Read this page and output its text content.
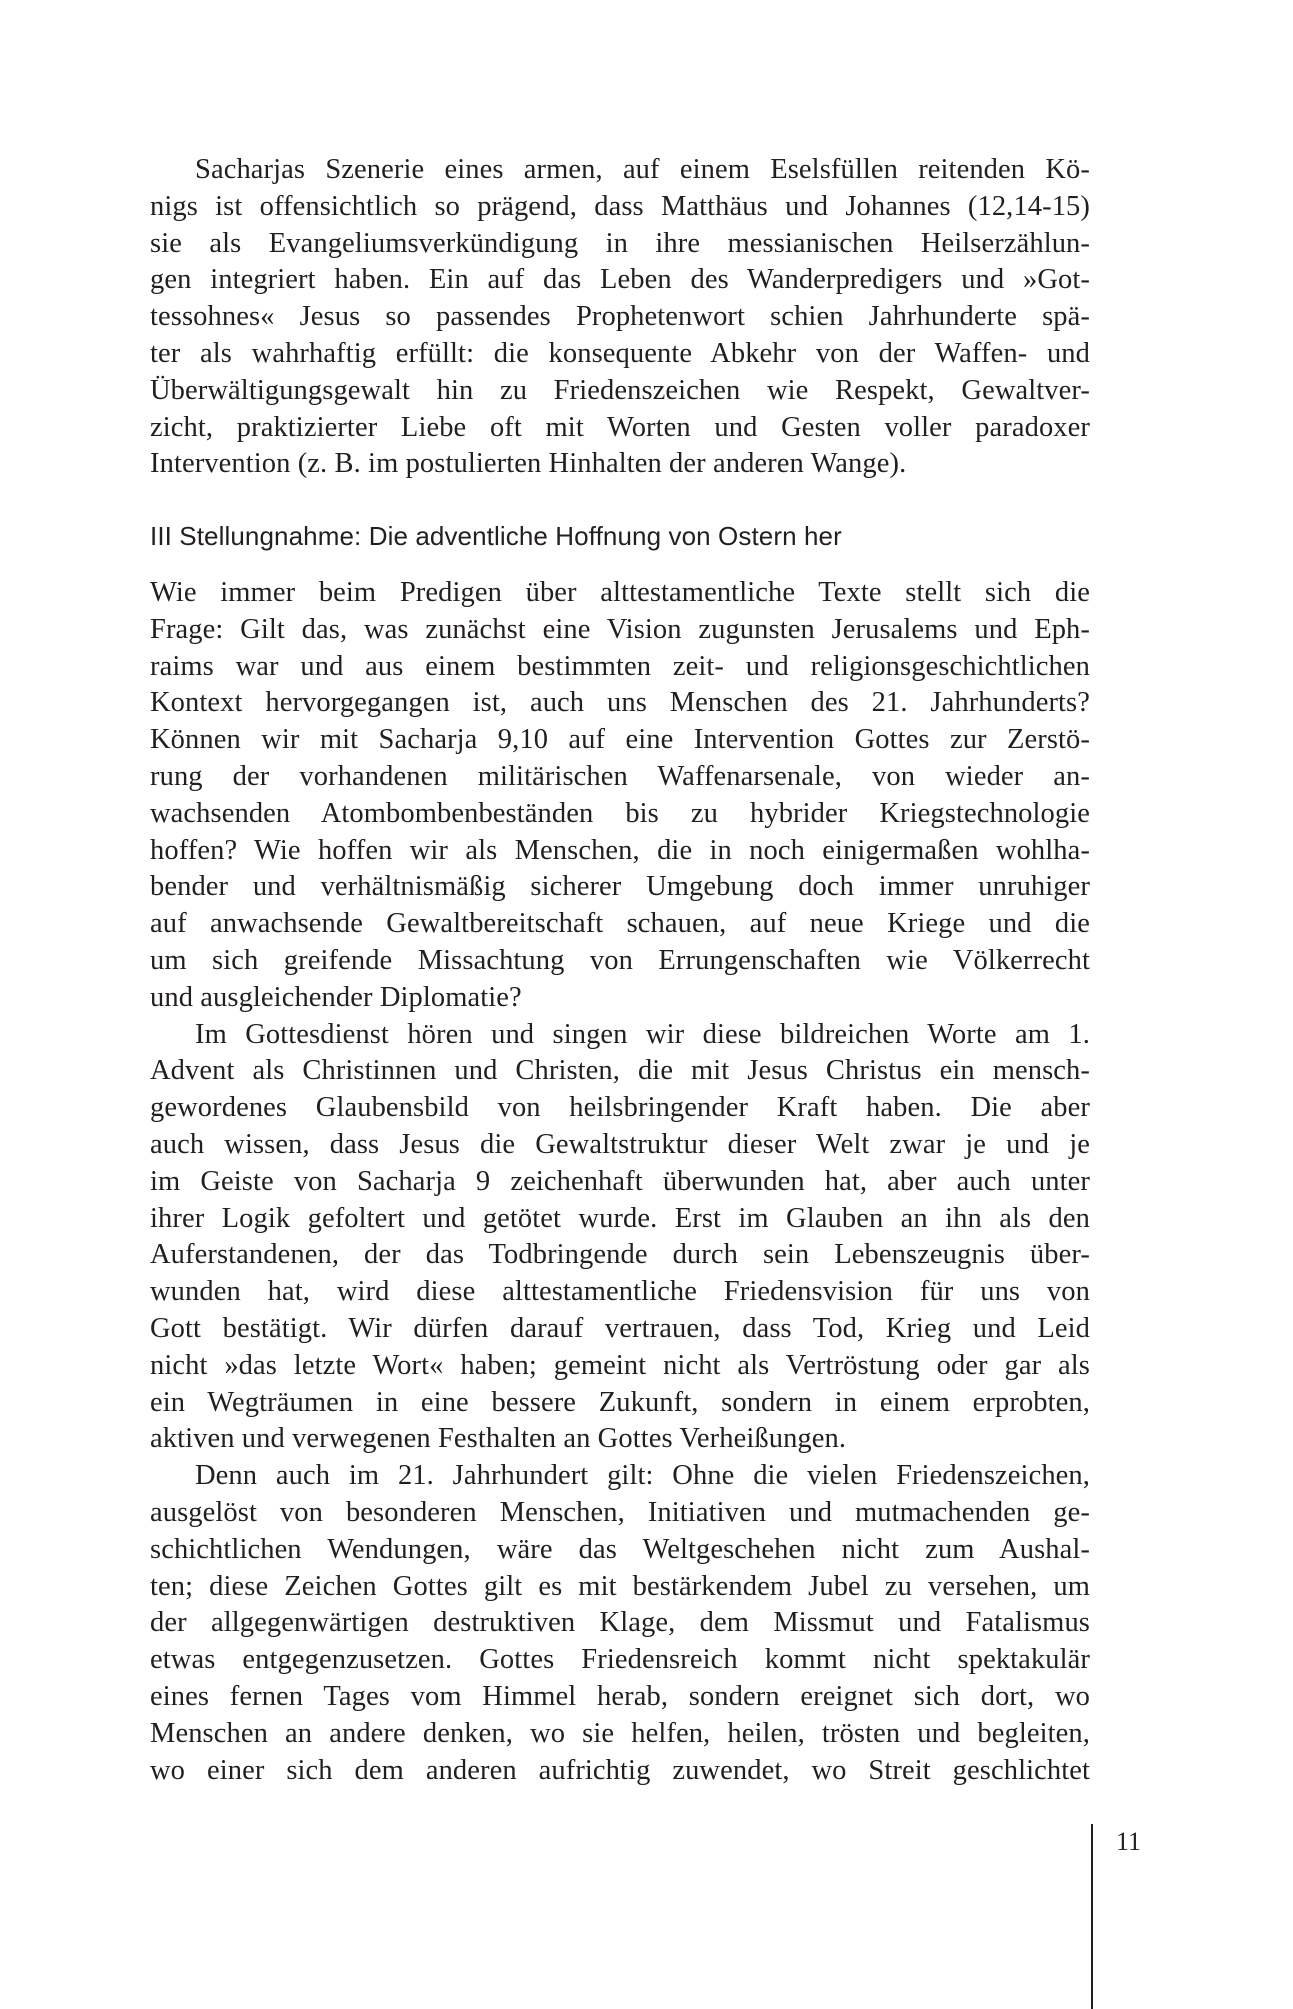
Sacharjas Szenerie eines armen, auf einem Eselsfüllen reitenden Kö-
nigs ist offensichtlich so prägend, dass Matthäus und Johannes (12,14-15)
sie als Evangeliumsverkündigung in ihre messianischen Heilserzählun-
gen integriert haben. Ein auf das Leben des Wanderpredigers und »Got-
tessohnes« Jesus so passendes Prophetenwort schien Jahrhunderte spä-
ter als wahrhaftig erfüllt: die konsequente Abkehr von der Waffen- und
Überwältigungsgewalt hin zu Friedenszeichen wie Respekt, Gewaltver-
zicht, praktizierter Liebe oft mit Worten und Gesten voller paradoxer
Intervention (z. B. im postulierten Hinhalten der anderen Wange).
III Stellungnahme: Die adventliche Hoffnung von Ostern her
Wie immer beim Predigen über alttestamentliche Texte stellt sich die
Frage: Gilt das, was zunächst eine Vision zugunsten Jerusalems und Eph-
raims war und aus einem bestimmten zeit- und religionsgeschichtlichen
Kontext hervorgegangen ist, auch uns Menschen des 21. Jahrhunderts?
Können wir mit Sacharja 9,10 auf eine Intervention Gottes zur Zerstö-
rung der vorhandenen militärischen Waffenarsenale, von wieder an-
wachsenden Atombombenbeständen bis zu hybrider Kriegstechnologie
hoffen? Wie hoffen wir als Menschen, die in noch einigermaßen wohlha-
bender und verhältnismäßig sicherer Umgebung doch immer unruhiger
auf anwachsende Gewaltbereitschaft schauen, auf neue Kriege und die
um sich greifende Missachtung von Errungenschaften wie Völkerrecht
und ausgleichender Diplomatie?
Im Gottesdienst hören und singen wir diese bildreichen Worte am 1.
Advent als Christinnen und Christen, die mit Jesus Christus ein mensch-
gewordenes Glaubensbild von heilsbringender Kraft haben. Die aber
auch wissen, dass Jesus die Gewaltstruktur dieser Welt zwar je und je
im Geiste von Sacharja 9 zeichenhaft überwunden hat, aber auch unter
ihrer Logik gefoltert und getötet wurde. Erst im Glauben an ihn als den
Auferstandenen, der das Todbringende durch sein Lebenszeugnis über-
wunden hat, wird diese alttestamentliche Friedensvision für uns von
Gott bestätigt. Wir dürfen darauf vertrauen, dass Tod, Krieg und Leid
nicht »das letzte Wort« haben; gemeint nicht als Vertröstung oder gar als
ein Wegträumen in eine bessere Zukunft, sondern in einem erprobten,
aktiven und verwegenen Festhalten an Gottes Verheißungen.
Denn auch im 21. Jahrhundert gilt: Ohne die vielen Friedenszeichen,
ausgelöst von besonderen Menschen, Initiativen und mutmachenden ge-
schichtlichen Wendungen, wäre das Weltgeschehen nicht zum Aushal-
ten; diese Zeichen Gottes gilt es mit bestärkendem Jubel zu versehen, um
der allgegenwärtigen destruktiven Klage, dem Missmut und Fatalismus
etwas entgegenzusetzen. Gottes Friedensreich kommt nicht spektakulär
eines fernen Tages vom Himmel herab, sondern ereignet sich dort, wo
Menschen an andere denken, wo sie helfen, heilen, trösten und begleiten,
wo einer sich dem anderen aufrichtig zuwendet, wo Streit geschlichtet
11
